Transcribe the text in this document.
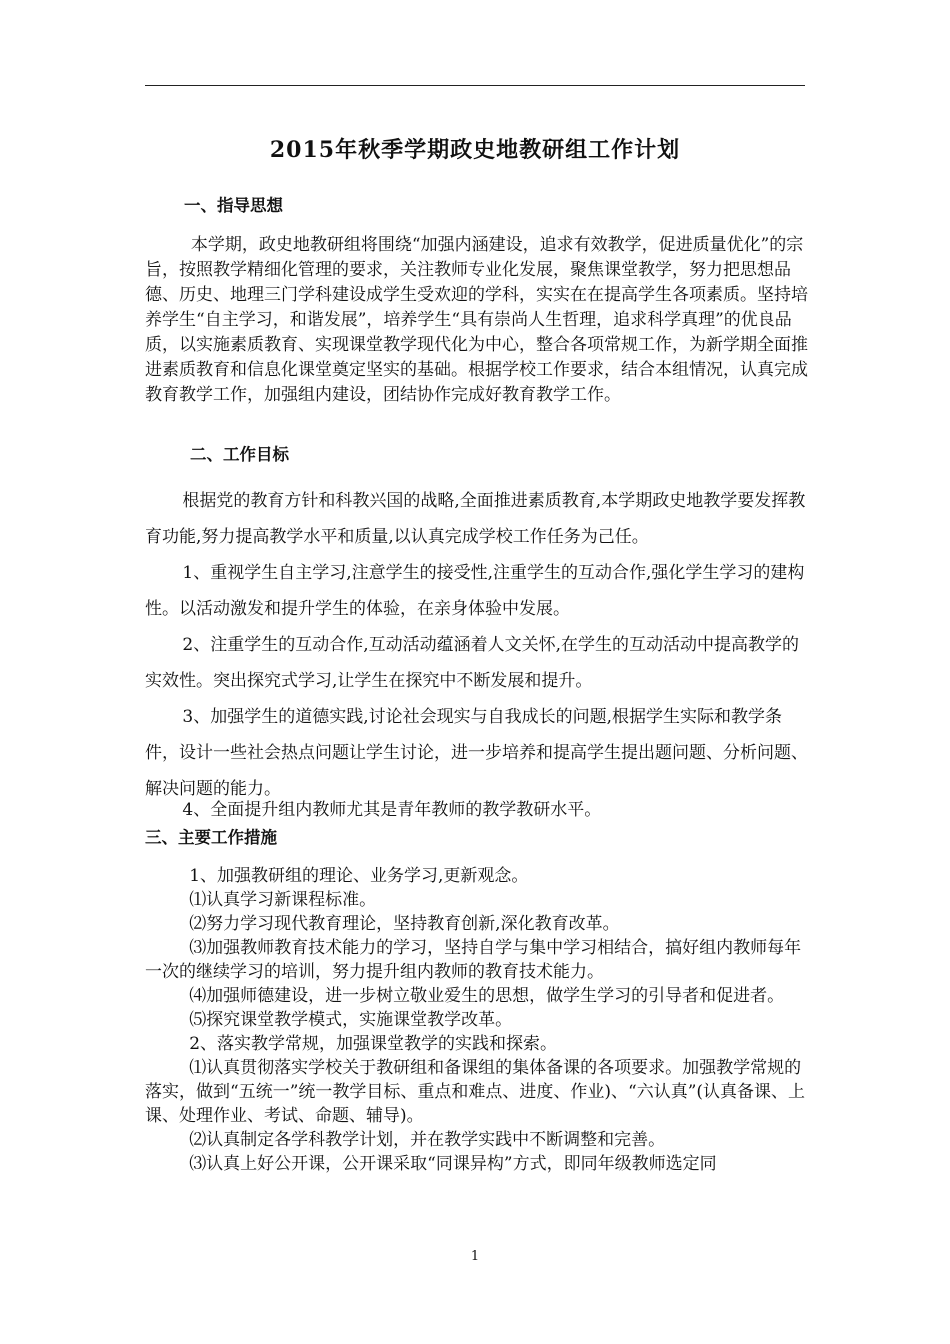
2015年秋季学期政史地教研组工作计划
一、指导思想
本学期，政史地教研组将围绕“加强内涵建设，追求有效教学，促进质量优化”的宗旨，按照教学精细化管理的要求，关注教师专业化发展，聚焦课堂教学，努力把思想品德、历史、地理三门学科建设成学生受欢迎的学科，实实在在提高学生各项素质。坚持培养学生“自主学习，和谐发展”，培养学生“具有崇尚人生哲理，追求科学真理”的优良品质，以实施素质教育、实现课堂教学现代化为中心，整合各项常规工作，为新学期全面推进素质教育和信息化课堂奠定坚实的基础。根据学校工作要求，结合本组情况，认真完成教育教学工作，加强组内建设，团结协作完成好教育教学工作。
二、工作目标
根据党的教育方针和科教兴国的战略,全面推进素质教育,本学期政史地教学要发挥教育功能,努力提高教学水平和质量,以认真完成学校工作任务为己任。
1、重视学生自主学习,注意学生的接受性,注重学生的互动合作,强化学生学习的建构性。以活动激发和提升学生的体验，在亲身体验中发展。
2、注重学生的互动合作,互动活动蕴涵着人文关怀,在学生的互动活动中提高教学的实效性。突出探究式学习,让学生在探究中不断发展和提升。
3、加强学生的道德实践,讨论社会现实与自我成长的问题,根据学生实际和教学条件，设计一些社会热点问题让学生讨论，进一步培养和提高学生提出题问题、分析问题、解决问题的能力。
4、全面提升组内教师尤其是青年教师的教学教研水平。
三、主要工作措施
1、加强教研组的理论、业务学习,更新观念。
⑴认真学习新课程标准。
⑵努力学习现代教育理论，坚持教育创新,深化教育改革。
⑶加强教师教育技术能力的学习，坚持自学与集中学习相结合，搞好组内教师每年一次的继续学习的培训，努力提升组内教师的教育技术能力。
⑷加强师德建设，进一步树立敬业爱生的思想，做学生学习的引导者和促进者。
⑸探究课堂教学模式，实施课堂教学改革。
2、落实教学常规，加强课堂教学的实践和探索。
⑴认真贯彻落实学校关于教研组和备课组的集体备课的各项要求。加强教学常规的落实，做到“五统一”统一教学目标、重点和难点、进度、作业)、“六认真”(认真备课、上课、处理作业、考试、命题、辅导)。
⑵认真制定各学科教学计划，并在教学实践中不断调整和完善。
⑶认真上好公开课，公开课采取“同课异构”方式，即同年级教师选定同
1
